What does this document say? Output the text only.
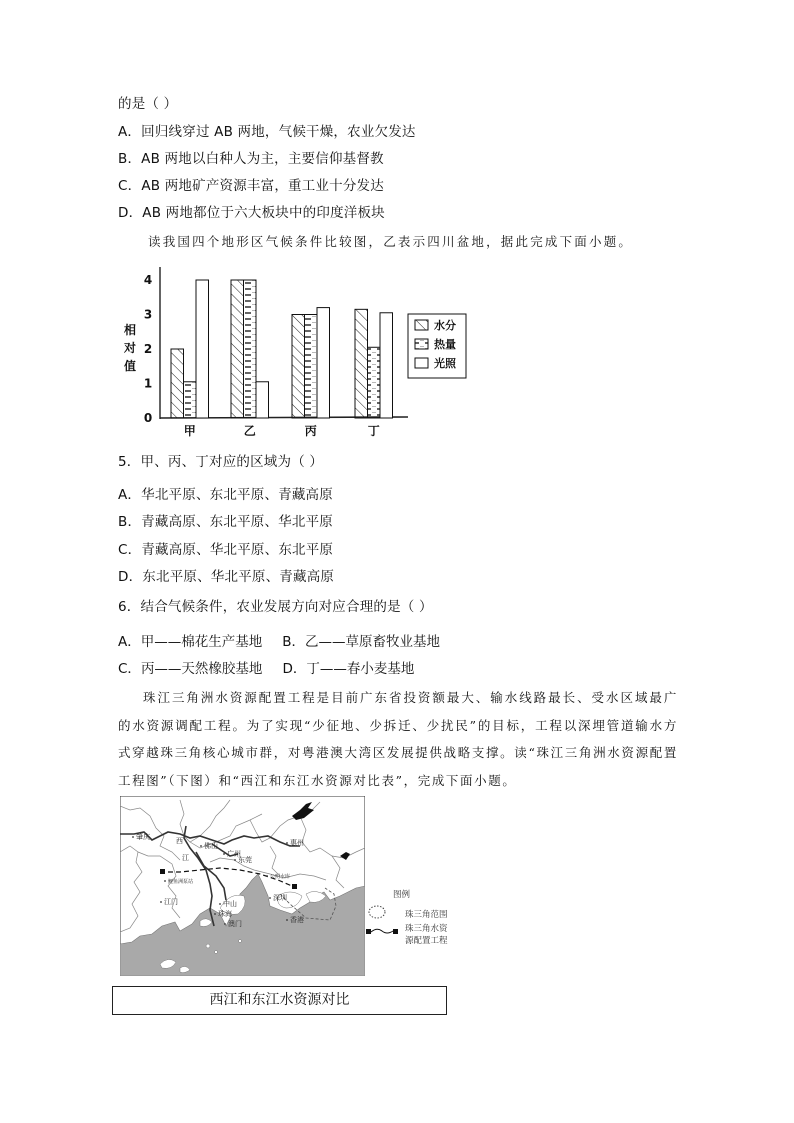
的是（ ）
A．回归线穿过 AB 两地，气候干燥，农业欠发达
B．AB 两地以白种人为主，主要信仰基督教
C．AB 两地矿产资源丰富，重工业十分发达
D．AB 两地都位于六大板块中的印度洋板块
读我国四个地形区气候条件比较图，乙表示四川盆地，据此完成下面小题。
0
1
2
3
4
相
对
值
甲	乙	丙	丁
水分
热量
光照
5．甲、丙、丁对应的区域为（ ）
A．华北平原、东北平原、青藏高原
B．青藏高原、东北平原、华北平原
C．青藏高原、华北平原、东北平原
D．东北平原、华北平原、青藏高原
6．结合气候条件，农业发展方向对应合理的是（ ）
A．甲——棉花生产基地 B．乙——草原畜牧业基地
C．丙——天然橡胶基地 D．丁——春小麦基地
珠江三角洲水资源配置工程是目前广东省投资额最大、输水线路最长、受水区域最广的水资源调配工程。为了实现“少征地、少拆迁、少扰民”的目标，工程以深埋管道输水方式穿越珠三角核心城市群，对粤港澳大湾区发展提供战略支撑。读“珠江三角洲水资源配置工程图”（下图）和“西江和东江水资源对比表”，完成下面小题。
肇庆	西
江	广州
佛山
东莞
惠州
鲤鱼洲泵站
江门	中山
珠海
澳门
公明水库
深圳
香港
图例
珠三角范围
珠三角水资
源配置工程
西江和东江水资源对比
